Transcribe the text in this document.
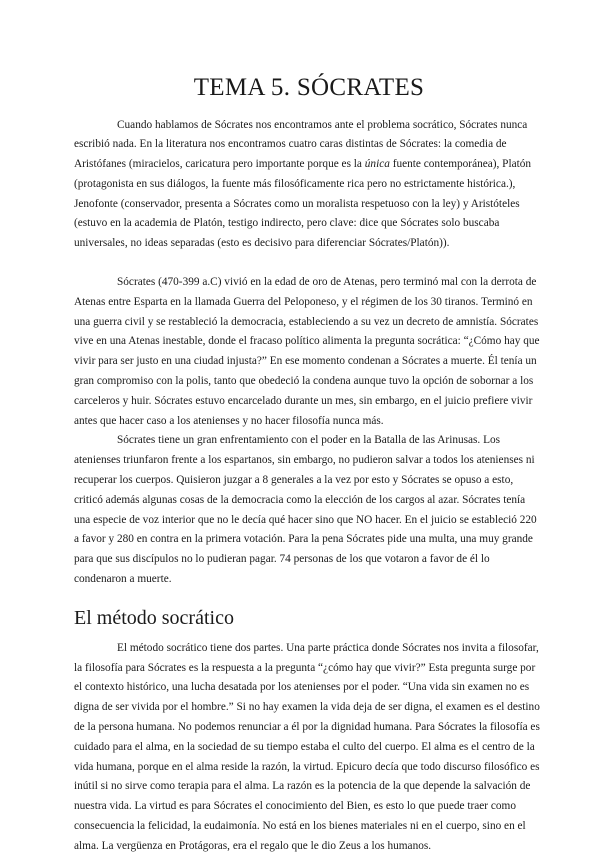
TEMA 5. SÓCRATES

Cuando hablamos de Sócrates nos encontramos ante el problema socrático, Sócrates nunca escribió nada. En la literatura nos encontramos cuatro caras distintas de Sócrates: la comedia de Aristófanes (miracielos, caricatura pero importante porque es la única fuente contemporánea), Platón (protagonista en sus diálogos, la fuente más filosóficamente rica pero no estrictamente histórica.), Jenofonte (conservador, presenta a Sócrates como un moralista respetuoso con la ley) y Aristóteles (estuvo en la academia de Platón, testigo indirecto, pero clave: dice que Sócrates solo buscaba universales, no ideas separadas (esto es decisivo para diferenciar Sócrates/Platón)).

Sócrates (470-399 a.C) vivió en la edad de oro de Atenas, pero terminó mal con la derrota de Atenas entre Esparta en la llamada Guerra del Peloponeso, y el régimen de los 30 tiranos. Terminó en una guerra civil y se restableció la democracia, estableciendo a su vez un decreto de amnistía. Sócrates vive en una Atenas inestable, donde el fracaso político alimenta la pregunta socrática: “¿Cómo hay que vivir para ser justo en una ciudad injusta?” En ese momento condenan a Sócrates a muerte. Él tenía un gran compromiso con la polis, tanto que obedeció la condena aunque tuvo la opción de sobornar a los carceleros y huir. Sócrates estuvo encarcelado durante un mes, sin embargo, en el juicio prefiere vivir antes que hacer caso a los atenienses y no hacer filosofía nunca más.

Sócrates tiene un gran enfrentamiento con el poder en la Batalla de las Arinusas. Los atenienses triunfaron frente a los espartanos, sin embargo, no pudieron salvar a todos los atenienses ni recuperar los cuerpos. Quisieron juzgar a 8 generales a la vez por esto y Sócrates se opuso a esto, criticó además algunas cosas de la democracia como la elección de los cargos al azar. Sócrates tenía una especie de voz interior que no le decía qué hacer sino que NO hacer. En el juicio se estableció 220 a favor y 280 en contra en la primera votación. Para la pena Sócrates pide una multa, una muy grande para que sus discípulos no lo pudieran pagar. 74 personas de los que votaron a favor de él lo condenaron a muerte.

El método socrático

El método socrático tiene dos partes. Una parte práctica donde Sócrates nos invita a filosofar, la filosofía para Sócrates es la respuesta a la pregunta “¿cómo hay que vivir?” Esta pregunta surge por el contexto histórico, una lucha desatada por los atenienses por el poder. “Una vida sin examen no es digna de ser vivida por el hombre.” Si no hay examen la vida deja de ser digna, el examen es el destino de la persona humana. No podemos renunciar a él por la dignidad humana. Para Sócrates la filosofía es cuidado para el alma, en la sociedad de su tiempo estaba el culto del cuerpo. El alma es el centro de la vida humana, porque en el alma reside la razón, la virtud. Epicuro decía que todo discurso filosófico es inútil si no sirve como terapia para el alma. La razón es la potencia de la que depende la salvación de nuestra vida. La virtud es para Sócrates el conocimiento del Bien, es esto lo que puede traer como consecuencia la felicidad, la eudaimonía. No está en los bienes materiales ni en el cuerpo, sino en el alma. La vergüenza en Protágoras, era el regalo que le dio Zeus a los humanos.
